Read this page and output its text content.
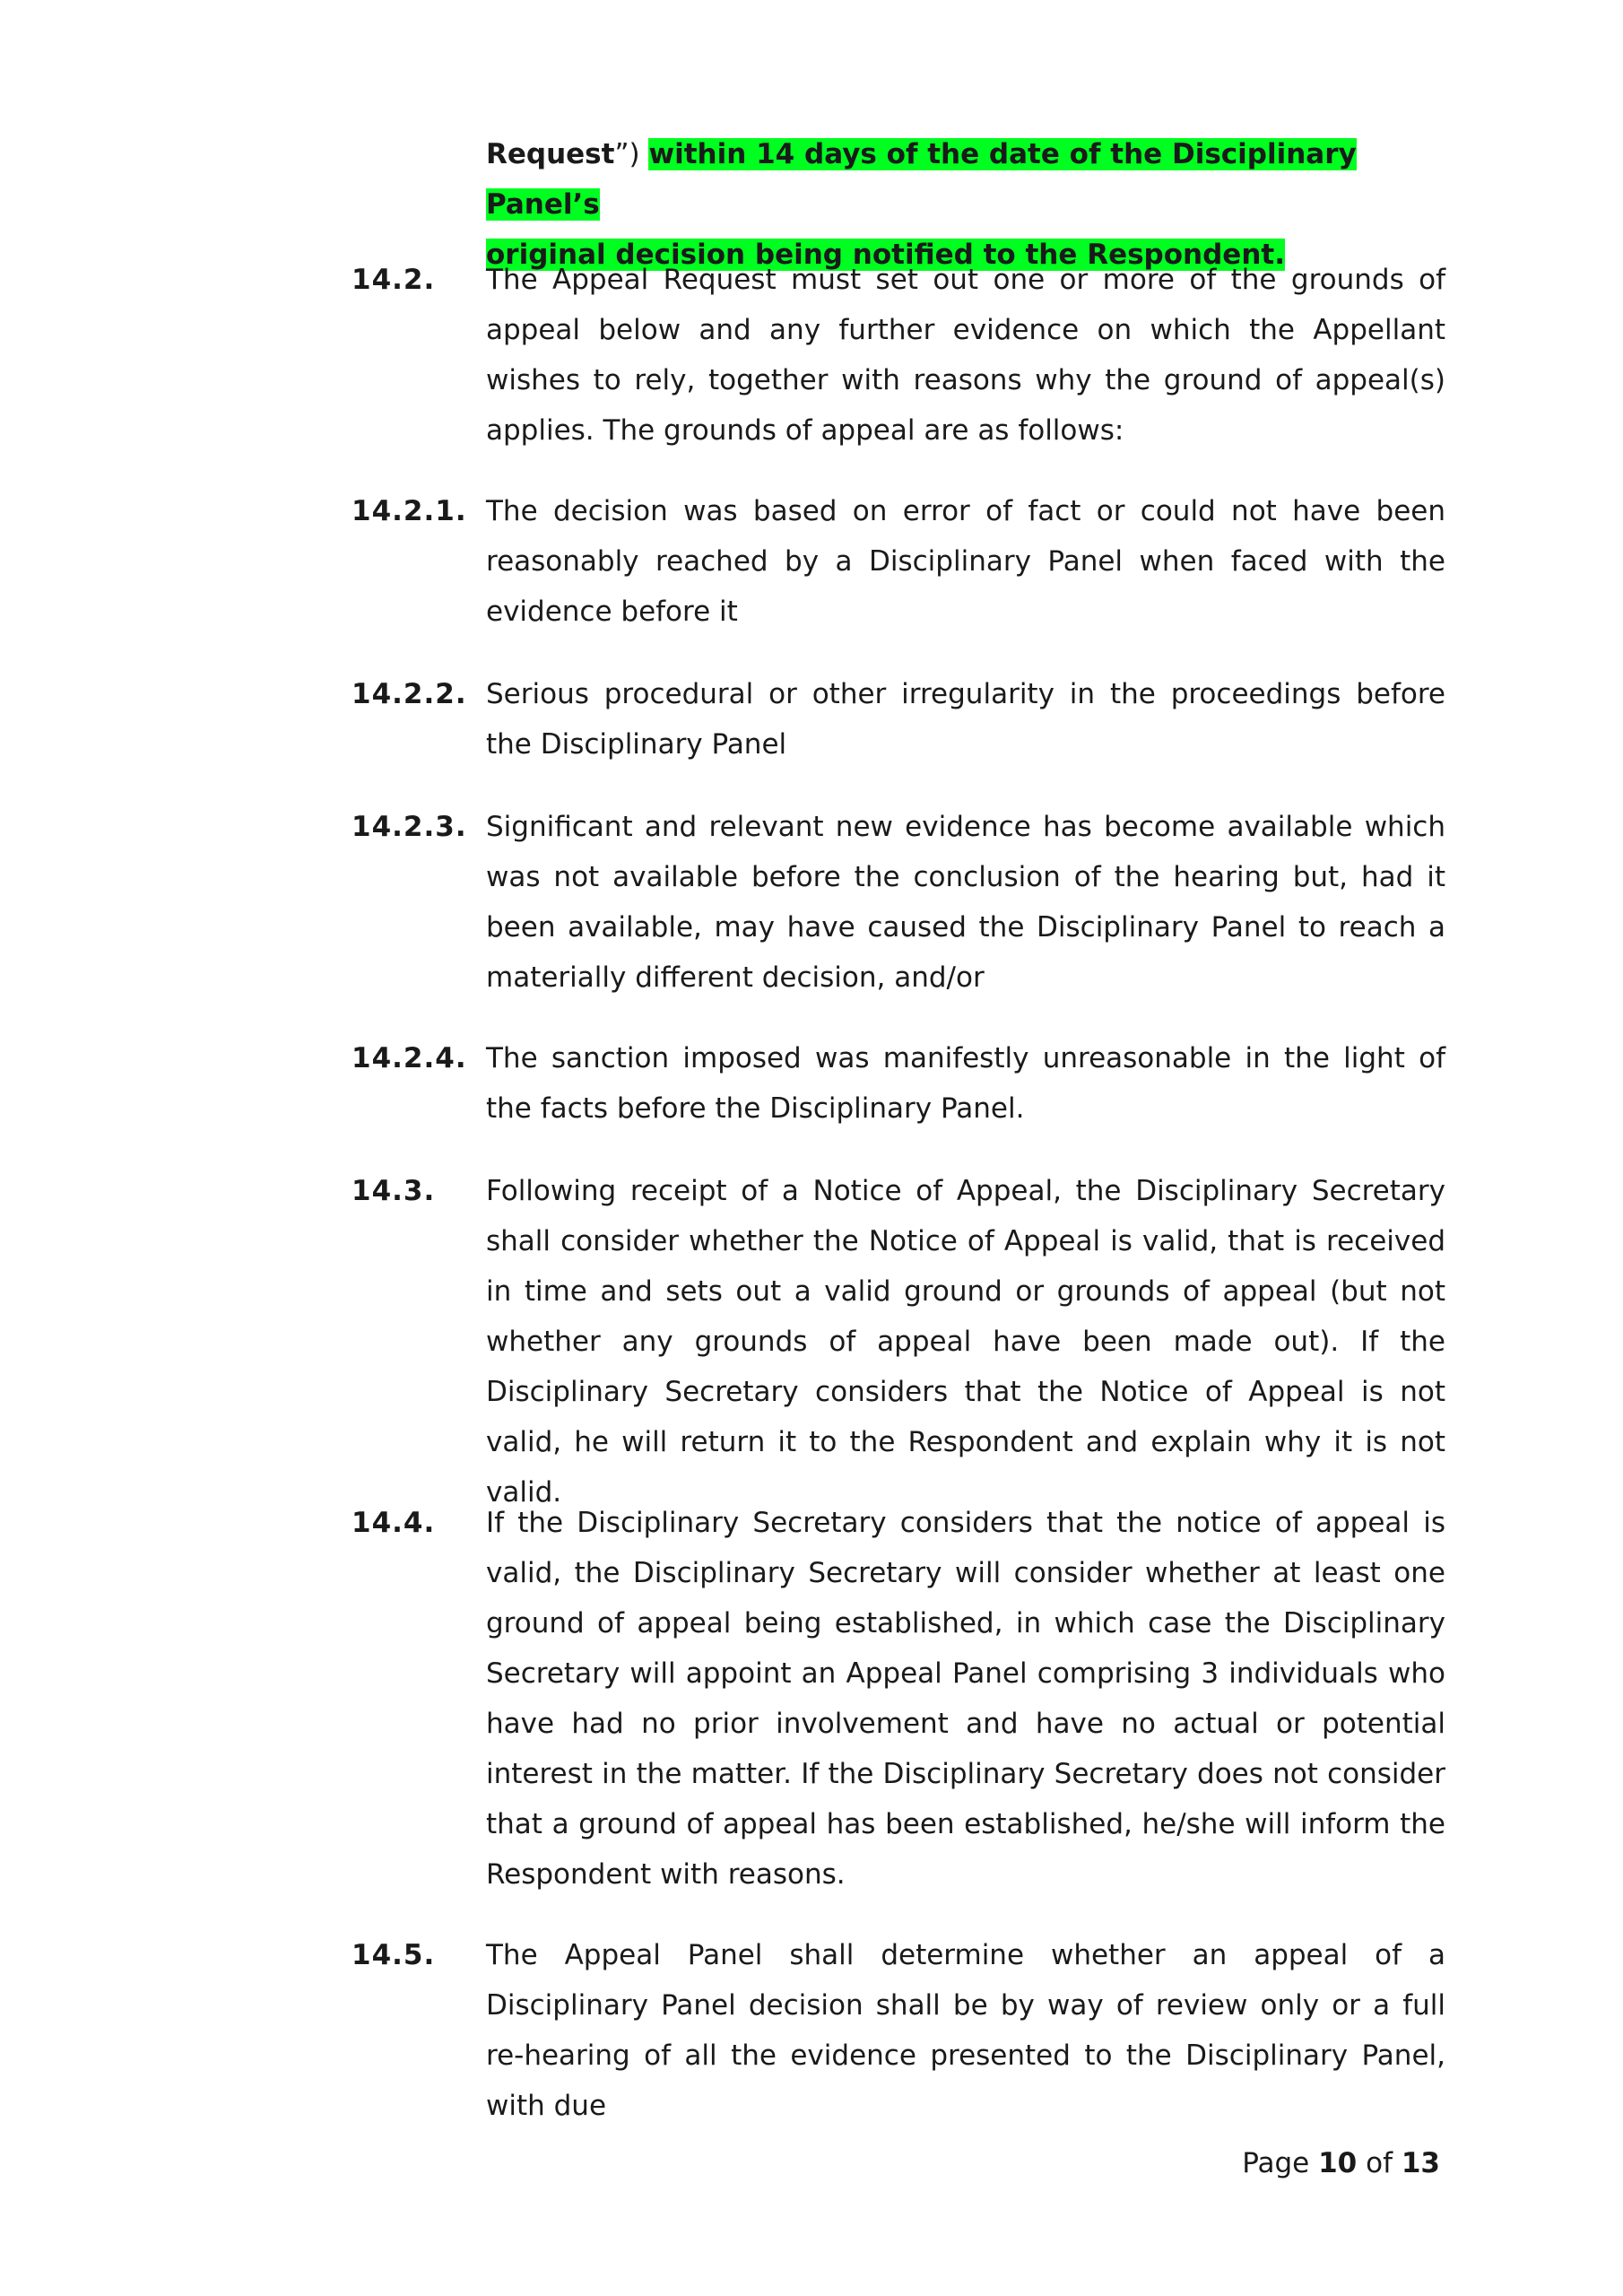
Request”) within 14 days of the date of the Disciplinary Panel’s
original decision being notified to the Respondent.
14.2. The Appeal Request must set out one or more of the grounds of appeal below and any further evidence on which the Appellant wishes to rely, together with reasons why the ground of appeal(s) applies. The grounds of appeal are as follows:
14.2.1. The decision was based on error of fact or could not have been reasonably reached by a Disciplinary Panel when faced with the evidence before it
14.2.2. Serious procedural or other irregularity in the proceedings before the Disciplinary Panel
14.2.3. Significant and relevant new evidence has become available which was not available before the conclusion of the hearing but, had it been available, may have caused the Disciplinary Panel to reach a materially different decision, and/or
14.2.4. The sanction imposed was manifestly unreasonable in the light of the facts before the Disciplinary Panel.
14.3. Following receipt of a Notice of Appeal, the Disciplinary Secretary shall consider whether the Notice of Appeal is valid, that is received in time and sets out a valid ground or grounds of appeal (but not whether any grounds of appeal have been made out). If the Disciplinary Secretary considers that the Notice of Appeal is not valid, he will return it to the Respondent and explain why it is not valid.
14.4. If the Disciplinary Secretary considers that the notice of appeal is valid, the Disciplinary Secretary will consider whether at least one ground of appeal being established, in which case the Disciplinary Secretary will appoint an Appeal Panel comprising 3 individuals who have had no prior involvement and have no actual or potential interest in the matter. If the Disciplinary Secretary does not consider that a ground of appeal has been established, he/she will inform the Respondent with reasons.
14.5. The Appeal Panel shall determine whether an appeal of a Disciplinary Panel decision shall be by way of review only or a full re-hearing of all the evidence presented to the Disciplinary Panel, with due
Page 10 of 13
